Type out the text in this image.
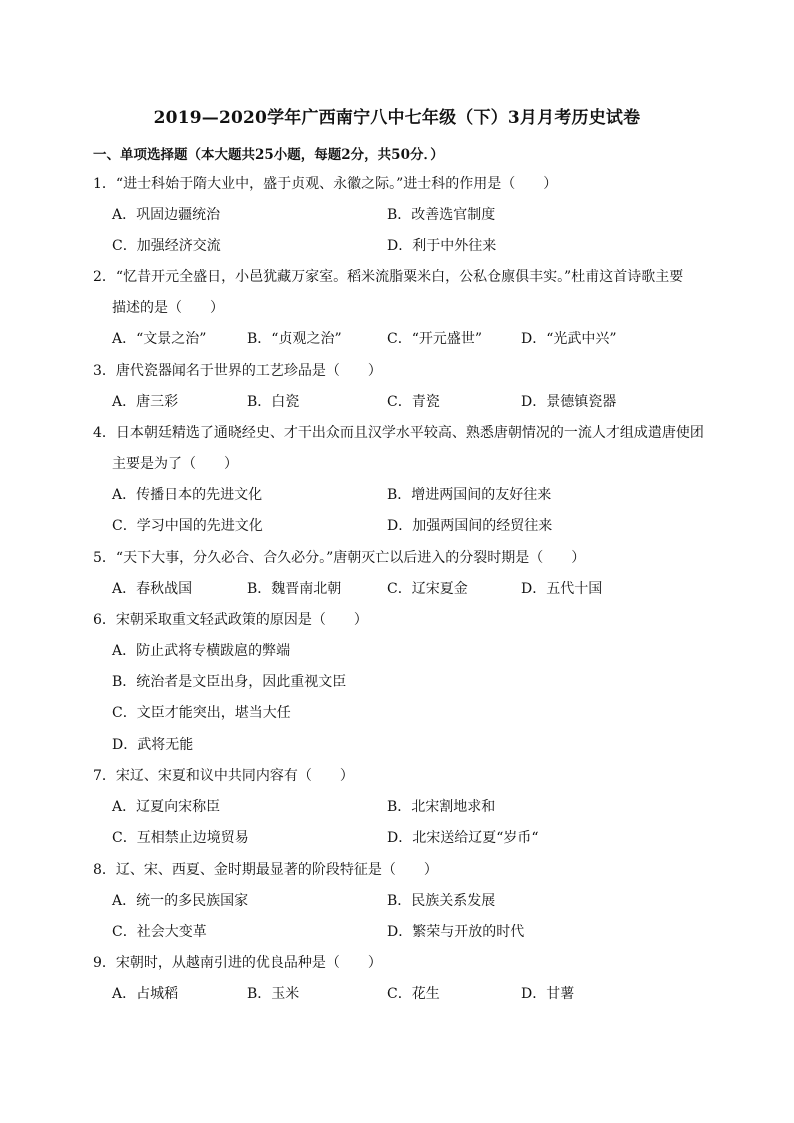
2019—2020学年广西南宁八中七年级（下）3月月考历史试卷
一、单项选择题（本大题共25小题，每题2分，共50分．）
1．“进士科始于隋大业中，盛于贞观、永徽之际。”进士科的作用是（　　）
A．巩固边疆统治	B．改善选官制度
C．加强经济交流	D．利于中外往来
2．“忆昔开元全盛日，小邑犹藏万家室。稻米流脂粟米白，公私仓廪俱丰实。”杜甫这首诗歌主要
描述的是（　　）
A．“文景之治”	B．“贞观之治”	C．“开元盛世”	D．“光武中兴”
3．唐代瓷器闻名于世界的工艺珍品是（　　）
A．唐三彩	B．白瓷	C．青瓷	D．景德镇瓷器
4．日本朝廷精选了通晓经史、才干出众而且汉学水平较高、熟悉唐朝情况的一流人才组成遣唐使团
主要是为了（　　）
A．传播日本的先进文化	B．增进两国间的友好往来
C．学习中国的先进文化	D．加强两国间的经贸往来
5．“天下大事，分久必合、合久必分。”唐朝灭亡以后进入的分裂时期是（　　）
A．春秋战国	B．魏晋南北朝	C．辽宋夏金	D．五代十国
6．宋朝采取重文轻武政策的原因是（　　）
A．防止武将专横跋扈的弊端
B．统治者是文臣出身，因此重视文臣
C．文臣才能突出，堪当大任
D．武将无能
7．宋辽、宋夏和议中共同内容有（　　）
A．辽夏向宋称臣	B．北宋割地求和
C．互相禁止边境贸易	D．北宋送给辽夏“岁币“
8．辽、宋、西夏、金时期最显著的阶段特征是（　　）
A．统一的多民族国家	B．民族关系发展
C．社会大变革	D．繁荣与开放的时代
9．宋朝时，从越南引进的优良品种是（　　）
A．占城稻	B．玉米	C．花生	D．甘薯
